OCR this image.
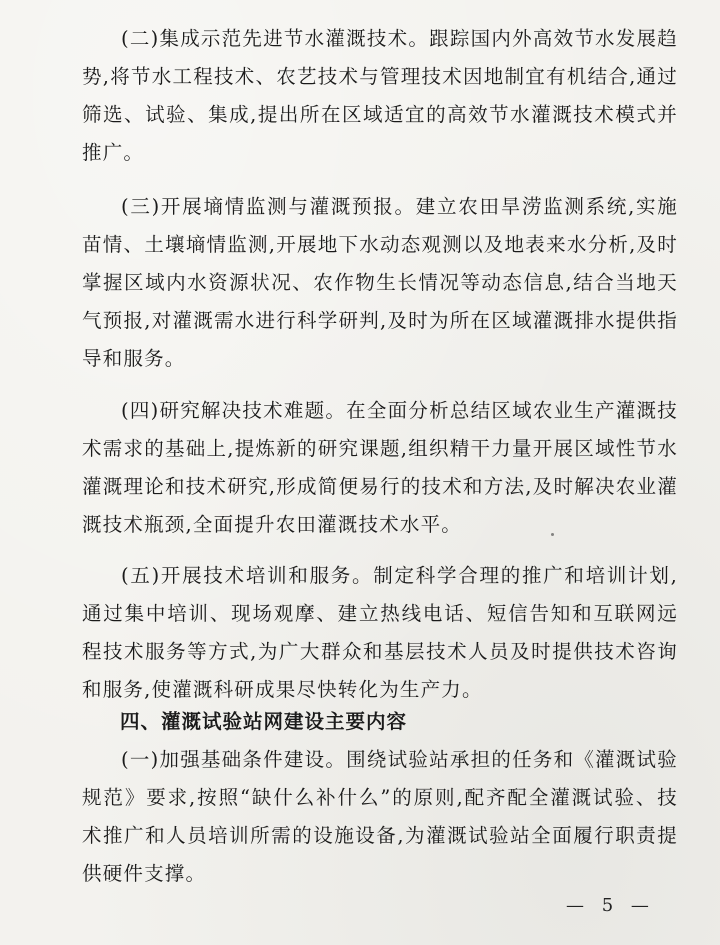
(二)集成示范先进节水灌溉技术。跟踪国内外高效节水发展趋势,将节水工程技术、农艺技术与管理技术因地制宜有机结合,通过筛选、试验、集成,提出所在区域适宜的高效节水灌溉技术模式并推广。

(三)开展墒情监测与灌溉预报。建立农田旱涝监测系统,实施苗情、土壤墒情监测,开展地下水动态观测以及地表来水分析,及时掌握区域内水资源状况、农作物生长情况等动态信息,结合当地天气预报,对灌溉需水进行科学研判,及时为所在区域灌溉排水提供指导和服务。

(四)研究解决技术难题。在全面分析总结区域农业生产灌溉技术需求的基础上,提炼新的研究课题,组织精干力量开展区域性节水灌溉理论和技术研究,形成简便易行的技术和方法,及时解决农业灌溉技术瓶颈,全面提升农田灌溉技术水平。

(五)开展技术培训和服务。制定科学合理的推广和培训计划,通过集中培训、现场观摩、建立热线电话、短信告知和互联网远程技术服务等方式,为广大群众和基层技术人员及时提供技术咨询和服务,使灌溉科研成果尽快转化为生产力。

四、灌溉试验站网建设主要内容

(一)加强基础条件建设。围绕试验站承担的任务和《灌溉试验规范》要求,按照“缺什么补什么”的原则,配齐配全灌溉试验、技术推广和人员培训所需的设施设备,为灌溉试验站全面履行职责提供硬件支撑。

— 5 —
